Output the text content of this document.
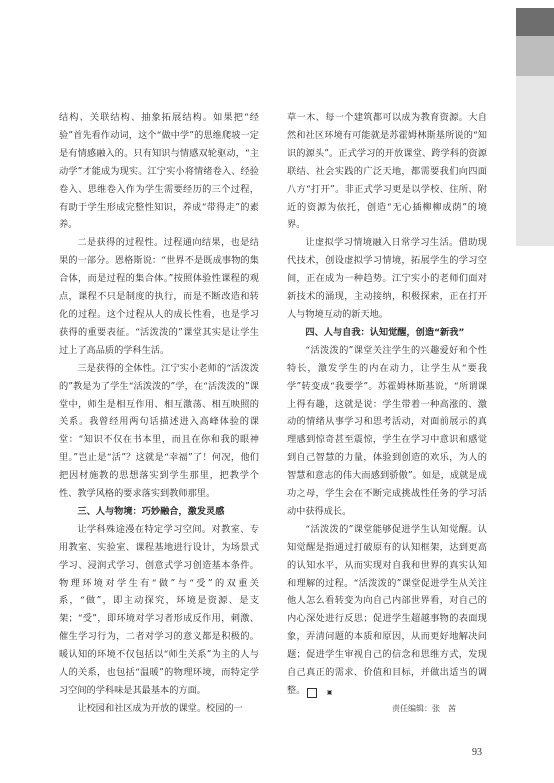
结构、关联结构、抽象拓展结构。如果把“经验”首先看作动词，这个“做中学”的思维爬坡一定是有情感融入的。只有知识与情感双轮驱动，“主动学”才能成为现实。江宁实小将情绪卷入、经验卷入、思维卷入作为学生需要经历的三个过程，有助于学生形成完整性知识，养成“带得走”的素养。

二是获得的过程性。过程通向结果，也是结果的一部分。恩格斯说：“世界不是既成事物的集合体，而是过程的集合体。”按照体验性课程的观点，课程不只是制度的执行，而是不断改造和转化的过程。这个过程从人的成长性看，也是学习获得的重要表征。“活泼泼的”课堂其实是让学生过上了高品质的学科生活。

三是获得的全体性。江宁实小老师的“活泼泼的”教是为了学生“活泼泼的”学，在“活泼泼的”课堂中，师生是相互作用、相互激荡、相互映照的关系。我曾经用两句话描述进入高峰体验的课堂：“知识不仅在书本里，而且在你和我的眼神里。”岂止是“活”？这就是“幸福”了！何况，他们把因材施教的思想落实到学生那里，把教学个性、教学风格的要求落实到教师那里。

三、人与物境：巧妙融合，激发灵感

让学科殊途漫在特定学习空间。对教室、专用教室、实验室、课程基地进行设计，为场景式学习、浸润式学习、创意式学习创造基本条件。物理环境对学生有“做”与“受”的双重关系，“做”，即主动探究，环境是资源、是支架；“受”，即环境对学习者形成反作用，刺激、催生学习行为，二者对学习的意义都是积极的。暖认知的环境不仅包括以“师生关系”为主的人与人的关系，也包括“温暖”的物理环境，而特定学习空间的学科味是其最基本的方面。

让校园和社区成为开放的课堂。校园的一

草一木、每一个建筑都可以成为教育资源。大自然和社区环境有可能就是苏霍姆林斯基所说的“知识的源头”。正式学习的开放课堂、跨学科的资源联结、社会实践的广泛天地，都需要我们向四面八方“打开”。非正式学习更是以学校、住所、附近的资源为依托，创造“无心插柳柳成荫”的境界。

让虚拟学习情境融入日常学习生活。借助现代技术，创设虚拟学习情境，拓展学生的学习空间，正在成为一种趋势。江宁实小的老师们面对新技术的涌现，主动接纳，积极探索，正在打开人与物境互动的新天地。

四、人与自我：认知觉醒，创造“新我”

“活泼泼的”课堂关注学生的兴趣爱好和个性特长，激发学生的内在动力，让学生从“要我学”转变成“我要学”。苏霍姆林斯基说，“所谓课上得有趣，这就是说：学生带着一种高涨的、激动的情绪从事学习和思考活动，对面前展示的真理感到惊奇甚至震惊，学生在学习中意识和感觉到自己智慧的力量，体验到创造的欢乐，为人的智慧和意志的伟大而感到骄傲”。如是，成就是成功之母，学生会在不断完成挑战性任务的学习活动中获得成长。

“活泼泼的”课堂能够促进学生认知觉醒。认知觉醒是指通过打破原有的认知框架，达到更高的认知水平，从而实现对自我和世界的真实认知和理解的过程。“活泼泼的”课堂促进学生从关注他人怎么看转变为向自己内部世界看，对自己的内心深处进行反思；促进学生超越事物的表面现象，弄清问题的本质和原因，从而更好地解决问题；促进学生审视自己的信念和思维方式，发现自己真正的需求、价值和目标，并做出适当的调整。	▣

责任编辑：张　茜
93
